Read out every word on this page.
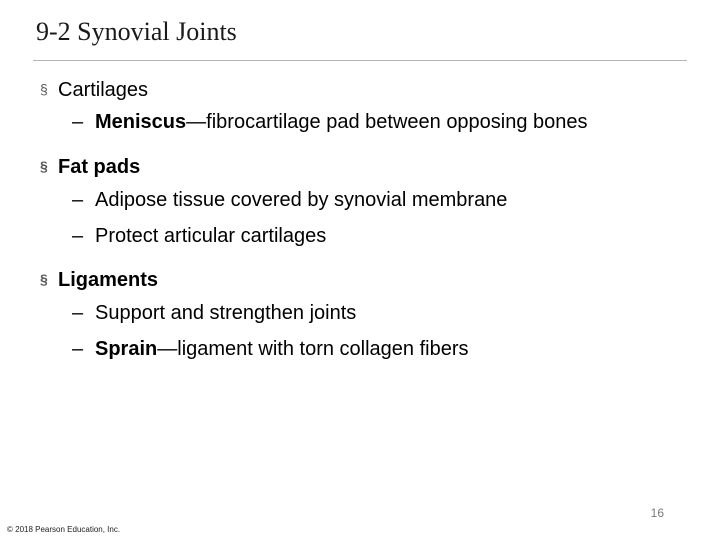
9-2 Synovial Joints
§ Cartilages
– Meniscus—fibrocartilage pad between opposing bones
§ Fat pads
– Adipose tissue covered by synovial membrane
– Protect articular cartilages
§ Ligaments
– Support and strengthen joints
– Sprain—ligament with torn collagen fibers
16
© 2018 Pearson Education, Inc.
